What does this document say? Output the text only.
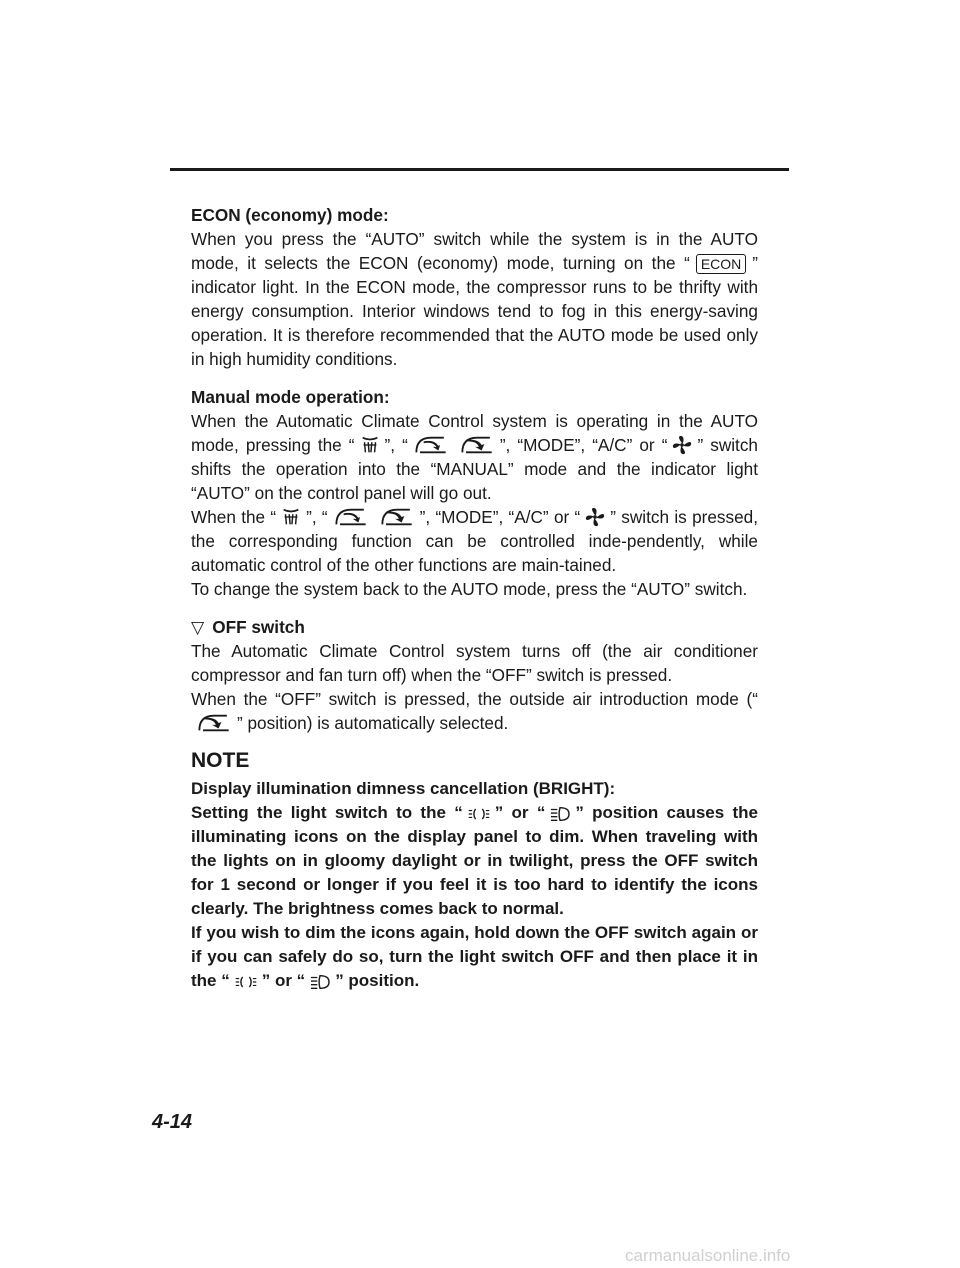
ECON (economy) mode:
When you press the “AUTO” switch while the system is in the AUTO mode, it selects the ECON (economy) mode, turning on the “ ECON ” indicator light. In the ECON mode, the compressor runs to be thrifty with energy consumption. Interior windows tend to fog in this energy-saving operation. It is therefore recommended that the AUTO mode be used only in high humidity conditions.

Manual mode operation:
When the Automatic Climate Control system is operating in the AUTO mode, pressing the “ ”, “	”, “MODE”, “A/C” or “ ” switch shifts the operation into the “MANUAL” mode and the indicator light “AUTO” on the control panel will go out.

When the “ ”, “	”, “MODE”, “A/C” or “ ” switch is pressed, the corresponding function can be controlled inde-pendently, while automatic control of the other functions are main-tained.

To change the system back to the AUTO mode, press the “AUTO” switch.

▽ OFF switch
The Automatic Climate Control system turns off (the air conditioner compressor and fan turn off) when the “OFF” switch is pressed.

When the “OFF” switch is pressed, the outside air introduction mode (“” position) is automatically selected.

NOTE

Display illumination dimness cancellation (BRIGHT):
Setting the light switch to the “ ” or “ ” position causes the illuminating icons on the display panel to dim. When traveling with the lights on in gloomy daylight or in twilight, press the OFF switch for 1 second or longer if you feel it is too hard to identify the icons clearly. The brightness comes back to normal.

If you wish to dim the icons again, hold down the OFF switch again or if you can safely do so, turn the light switch OFF and then place it in the “ ” or “ ” position.

4-14
carmanualsonline.info
